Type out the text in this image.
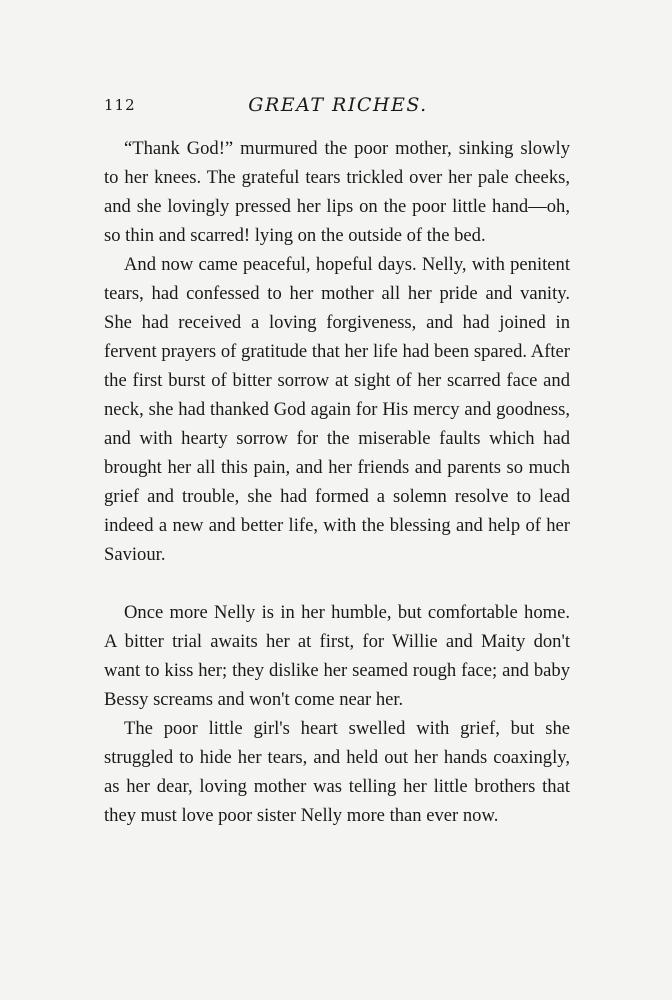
112	GREAT RICHES.

“Thank God!” murmured the poor mother, sinking slowly to her knees. The grateful tears trickled over her pale cheeks, and she lovingly pressed her lips on the poor little hand—oh, so thin and scarred! lying on the outside of the bed.

And now came peaceful, hopeful days. Nelly, with penitent tears, had confessed to her mother all her pride and vanity. She had received a loving forgiveness, and had joined in fervent prayers of gratitude that her life had been spared. After the first burst of bitter sorrow at sight of her scarred face and neck, she had thanked God again for His mercy and goodness, and with hearty sorrow for the miserable faults which had brought her all this pain, and her friends and parents so much grief and trouble, she had formed a solemn resolve to lead indeed a new and better life, with the blessing and help of her Saviour.

Once more Nelly is in her humble, but comfortable home. A bitter trial awaits her at first, for Willie and Maity don't want to kiss her; they dislike her seamed rough face; and baby Bessy screams and won't come near her.

The poor little girl's heart swelled with grief, but she struggled to hide her tears, and held out her hands coaxingly, as her dear, loving mother was telling her little brothers that they must love poor sister Nelly more than ever now.
